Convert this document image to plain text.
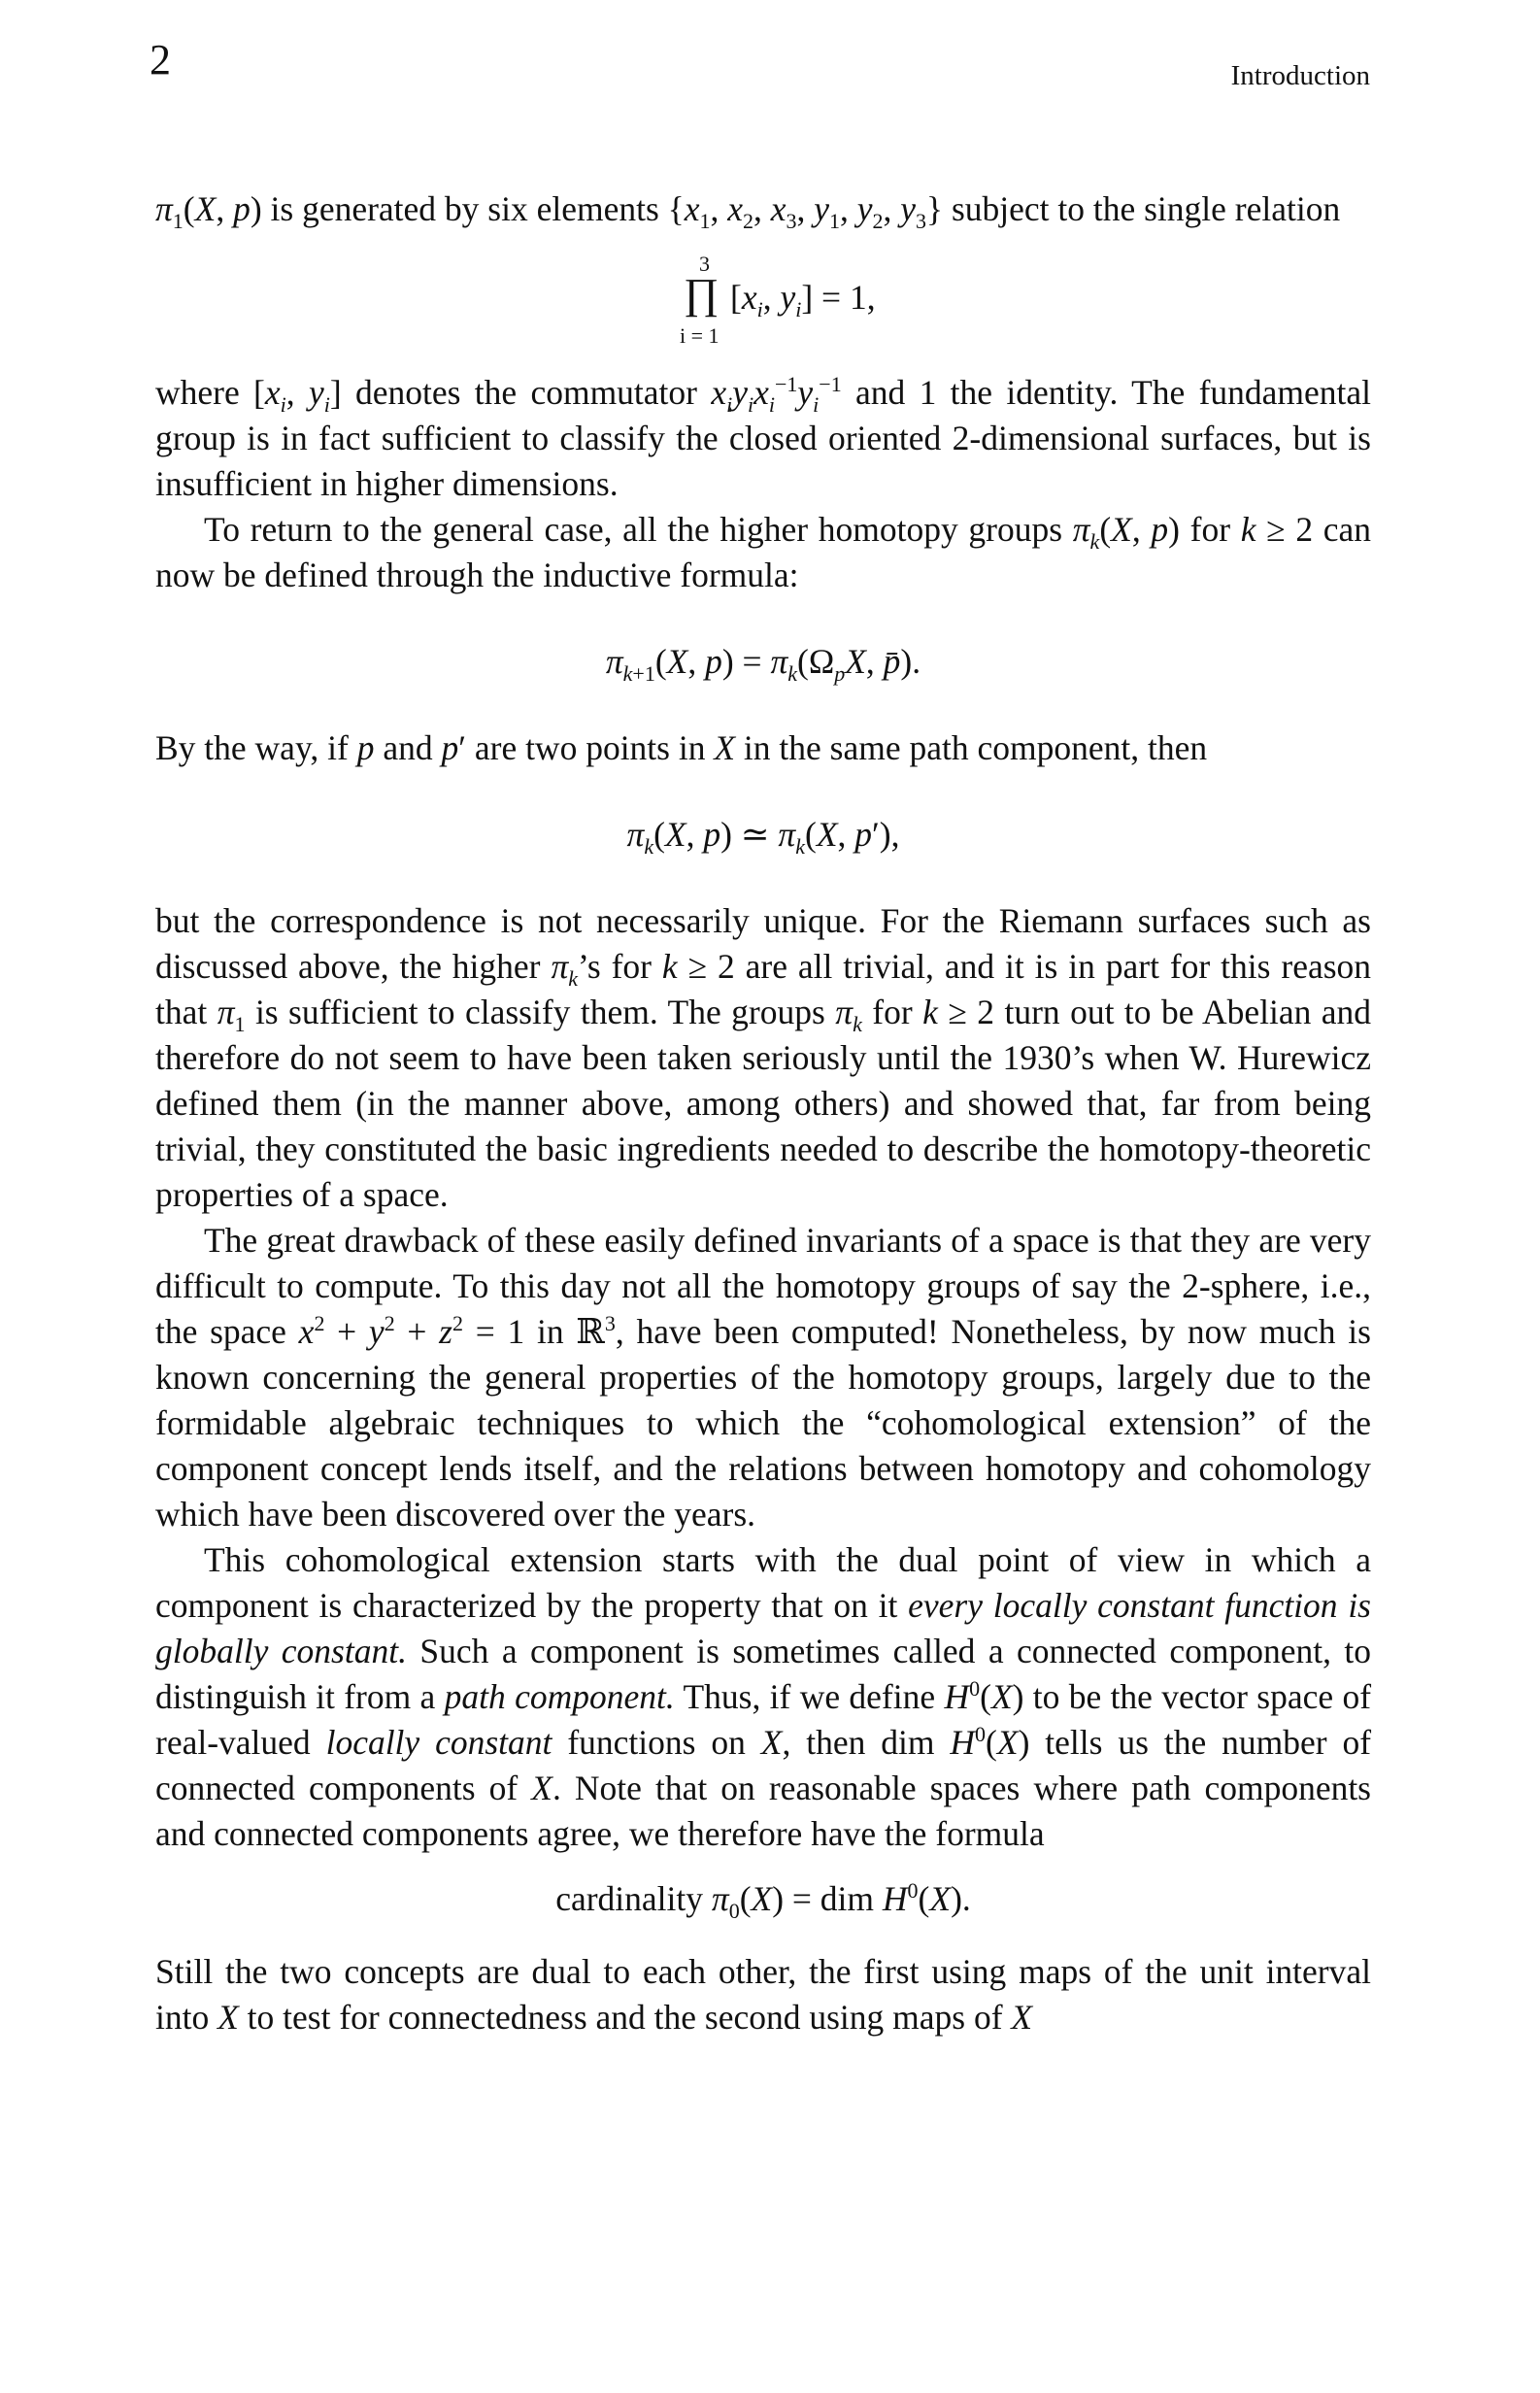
2	Introduction

$\pi_1(X$, p) is generated by six elements {$x_1$, $x_2$, $x_3$, $y_1$, $y_2$, $y_3$} subject to the single relation

3
∏
i = 1
[$x_i$, $y_i] = 1$,

where [$x_i$, $y_i$] denotes the commutator $x_iy_ix_i^{-1}y_i^{-1}$ and 1 the identity. The fundamental group is in fact sufficient to classify the closed oriented 2-dimensional surfaces, but is insufficient in higher dimensions.

To return to the general case, all the higher homotopy groups $\pi_k(X$, p) for k ≥ 2 can now be defined through the inductive formula:

$\pi_{k+1}(X$, $p) = \pi_k(\Omega_pX$, p̄).

By the way, if p and p′ are two points in X in the same path component, then

$\pi_k(X$, p) ≃ $\pi_k(X$, p′),

but the correspondence is not necessarily unique. For the Riemann surfaces such as discussed above, the higher $\pi_k’s$ for k ≥ 2 are all trivial, and it is in part for this reason that $\pi_1$ is sufficient to classify them. The groups $\pi_k$ for k ≥ 2 turn out to be Abelian and therefore do not seem to have been taken seriously until the 1930’s when W. Hurewicz defined them (in the manner above, among others) and showed that, far from being trivial, they constituted the basic ingredients needed to describe the homotopy-theoretic properties of a space.

The great drawback of these easily defined invariants of a space is that they are very difficult to compute. To this day not all the homotopy groups of say the 2-sphere, i.e., the space $x^2 + y^2 + z^2 = 1$ in ℝ$^3$, have been computed! Nonetheless, by now much is known concerning the general properties of the homotopy groups, largely due to the formidable algebraic techniques to which the “cohomological extension” of the component concept lends itself, and the relations between homotopy and cohomology which have been discovered over the years.

This cohomological extension starts with the dual point of view in which a component is characterized by the property that on it every locally constant function is globally constant. Such a component is sometimes called a connected component, to distinguish it from a path component. Thus, if we define $H^0(X)$ to be the vector space of real-valued locally constant functions on X, then dim $H^0(X)$ tells us the number of connected components of X. Note that on reasonable spaces where path components and connected components agree, we therefore have the formula

cardinality $\pi_0(X)$ = dim $H^0(X)$.

Still the two concepts are dual to each other, the first using maps of the unit interval into X to test for connectedness and the second using maps of X
